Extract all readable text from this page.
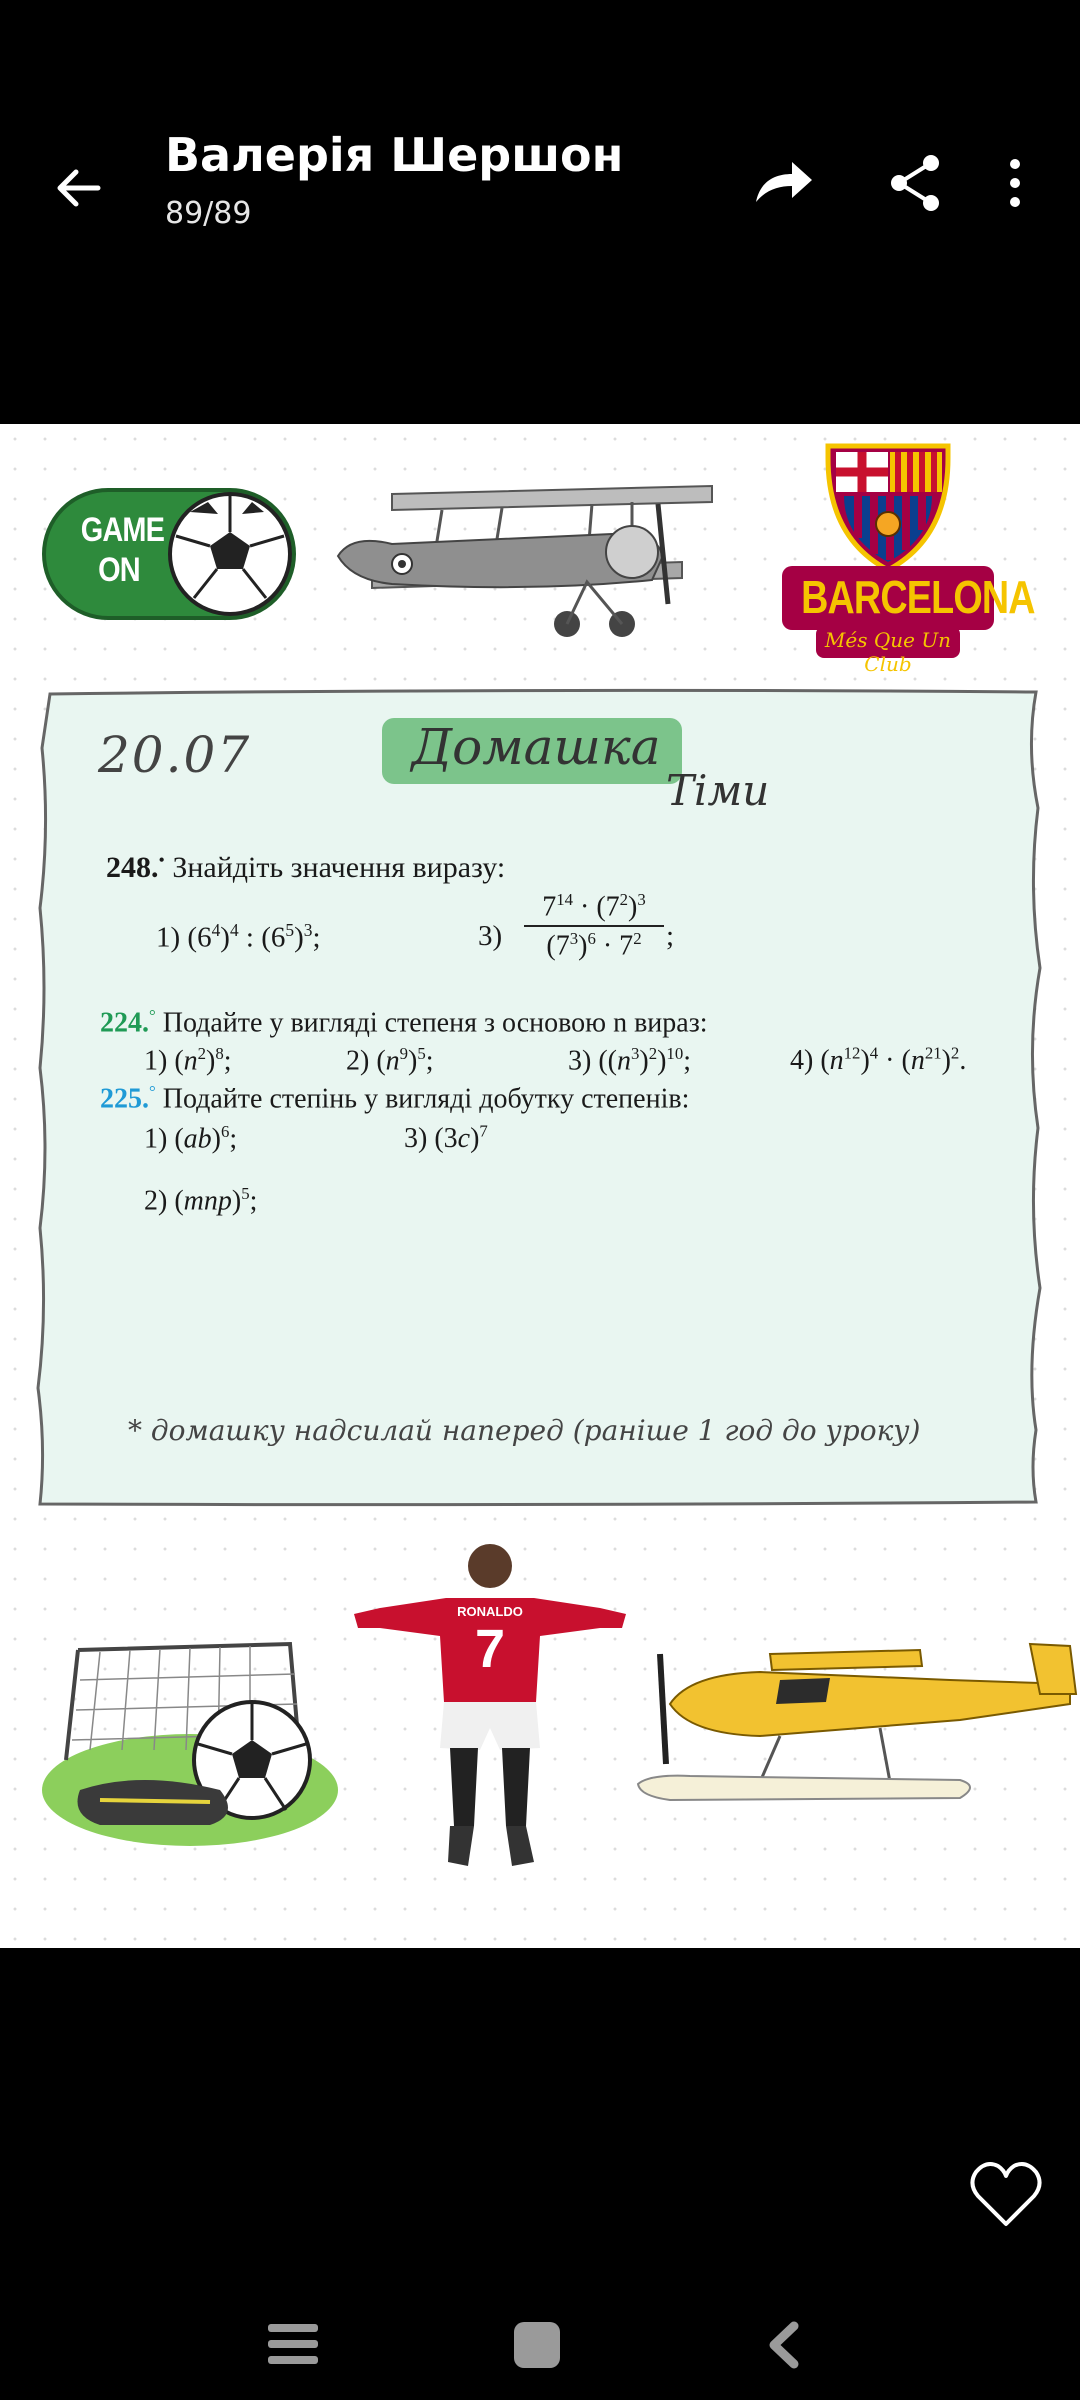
Валерія Шершон
89/89
GAME ON
BARCELONA
Més Que Un Club
20.07	Домашка
Тіми
248.• Знайдіть значення виразу:
1) $(6^4)^4$ : $(6^5)^3$;	3)
$7^{14} \cdot (7^2)^3$
$(7^3)^6 \cdot 7^2$ ;
224.° Подайте у вигляді степеня з основою n вираз:
1) $(n^2)^8$;	2) $(n^9)^5$;	3) $((n^3)^2)^{10}$;	4) $(n^{12})^4 \cdot (n^{21})^2$.
225.° Подайте степінь у вигляді добутку степенів:
1) (ab)$^6$;	3) $(3c)^7$
2) (mnp)$^5$;
* домашку надсилай наперед (раніше 1 год до уроку)
RONALDO
7
